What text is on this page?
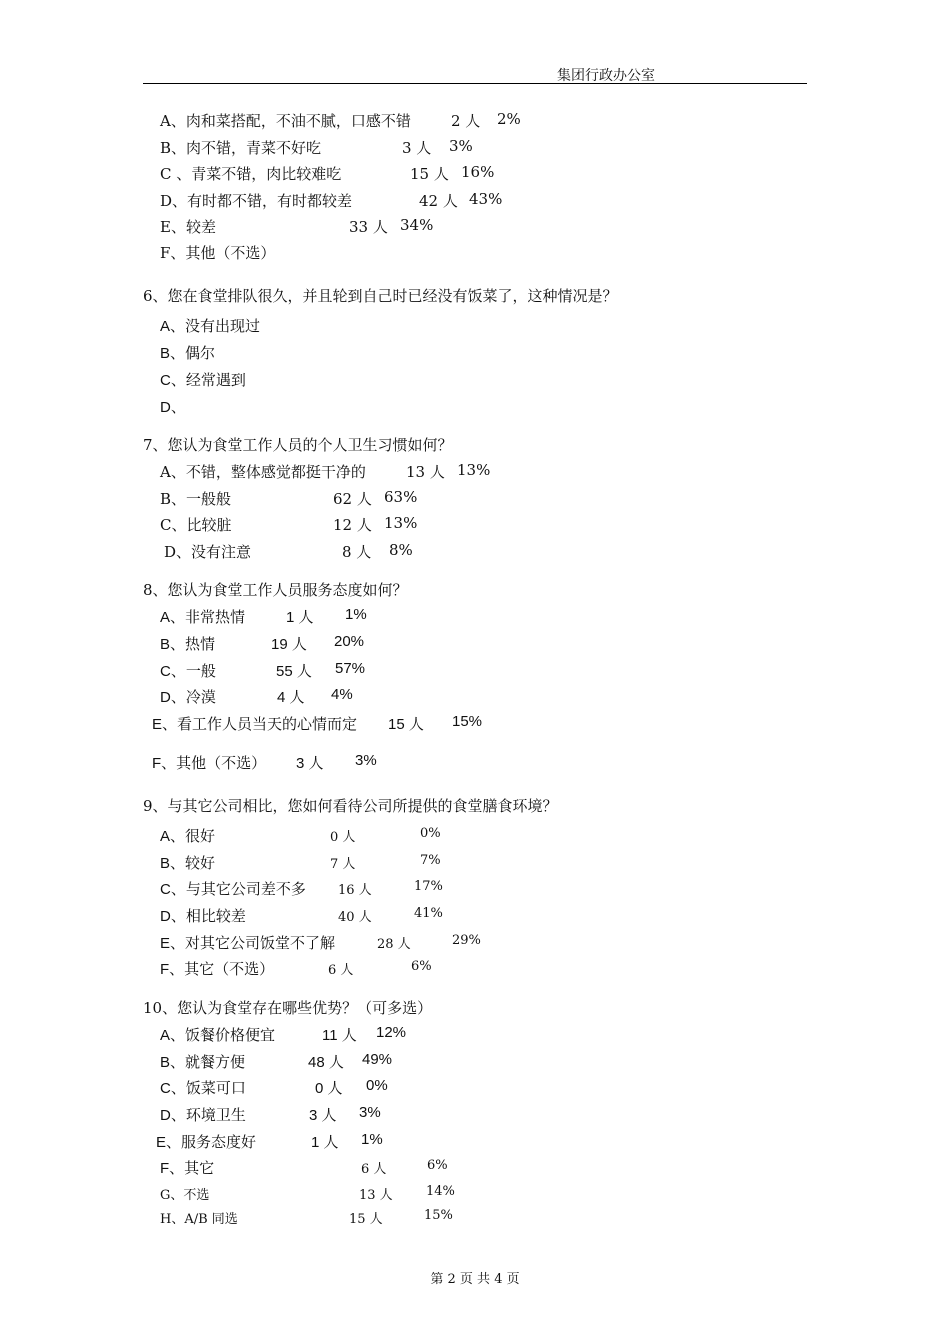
集团行政办公室
A、肉和菜搭配，不油不腻，口感不错	2 人 2%
B、肉不错，青菜不好吃	3 人 3%
C 、青菜不错，肉比较难吃	15 人 16%
D、有时都不错，有时都较差	42 人 43%
E、较差	33 人 34%
F、其他（不选）
6、您在食堂排队很久，并且轮到自己时已经没有饭菜了，这种情况是？
A、没有出现过
B、偶尔
C、经常遇到
D、
7、您认为食堂工作人员的个人卫生习惯如何？
A、不错，整体感觉都挺干净的	13 人 13%
B、一般般	62 人 63%
C、比较脏	12 人 13%
D、没有注意	8 人 8%
8、您认为食堂工作人员服务态度如何？
A、非常热情	1 人 1%
B、热情	19 人 20%
C、一般	55 人 57%
D、冷漠	4 人 4%
E、看工作人员当天的心情而定 15 人 15%
F、其他（不选） 3 人 3%
9、与其它公司相比，您如何看待公司所提供的食堂膳食环境？
A、很好	0 人	0%
B、较好	7 人	7%
C、与其它公司差不多 16 人	17%
D、相比较差	40 人	41%
E、对其它公司饭堂不了解	28 人	29%
F、其它（不选）	6 人	6%
10、您认为食堂存在哪些优势？（可多选）
A、饭餐价格便宜	11 人 12%
B、就餐方便	48 人 49%
C、饭菜可口	0 人 0%
D、环境卫生	3 人 3%
E、服务态度好	1 人 1%
F、其它	6 人	6%
G、不选	13 人	14%
H、A/B 同选	15 人	15%
第 2 页 共 4 页
